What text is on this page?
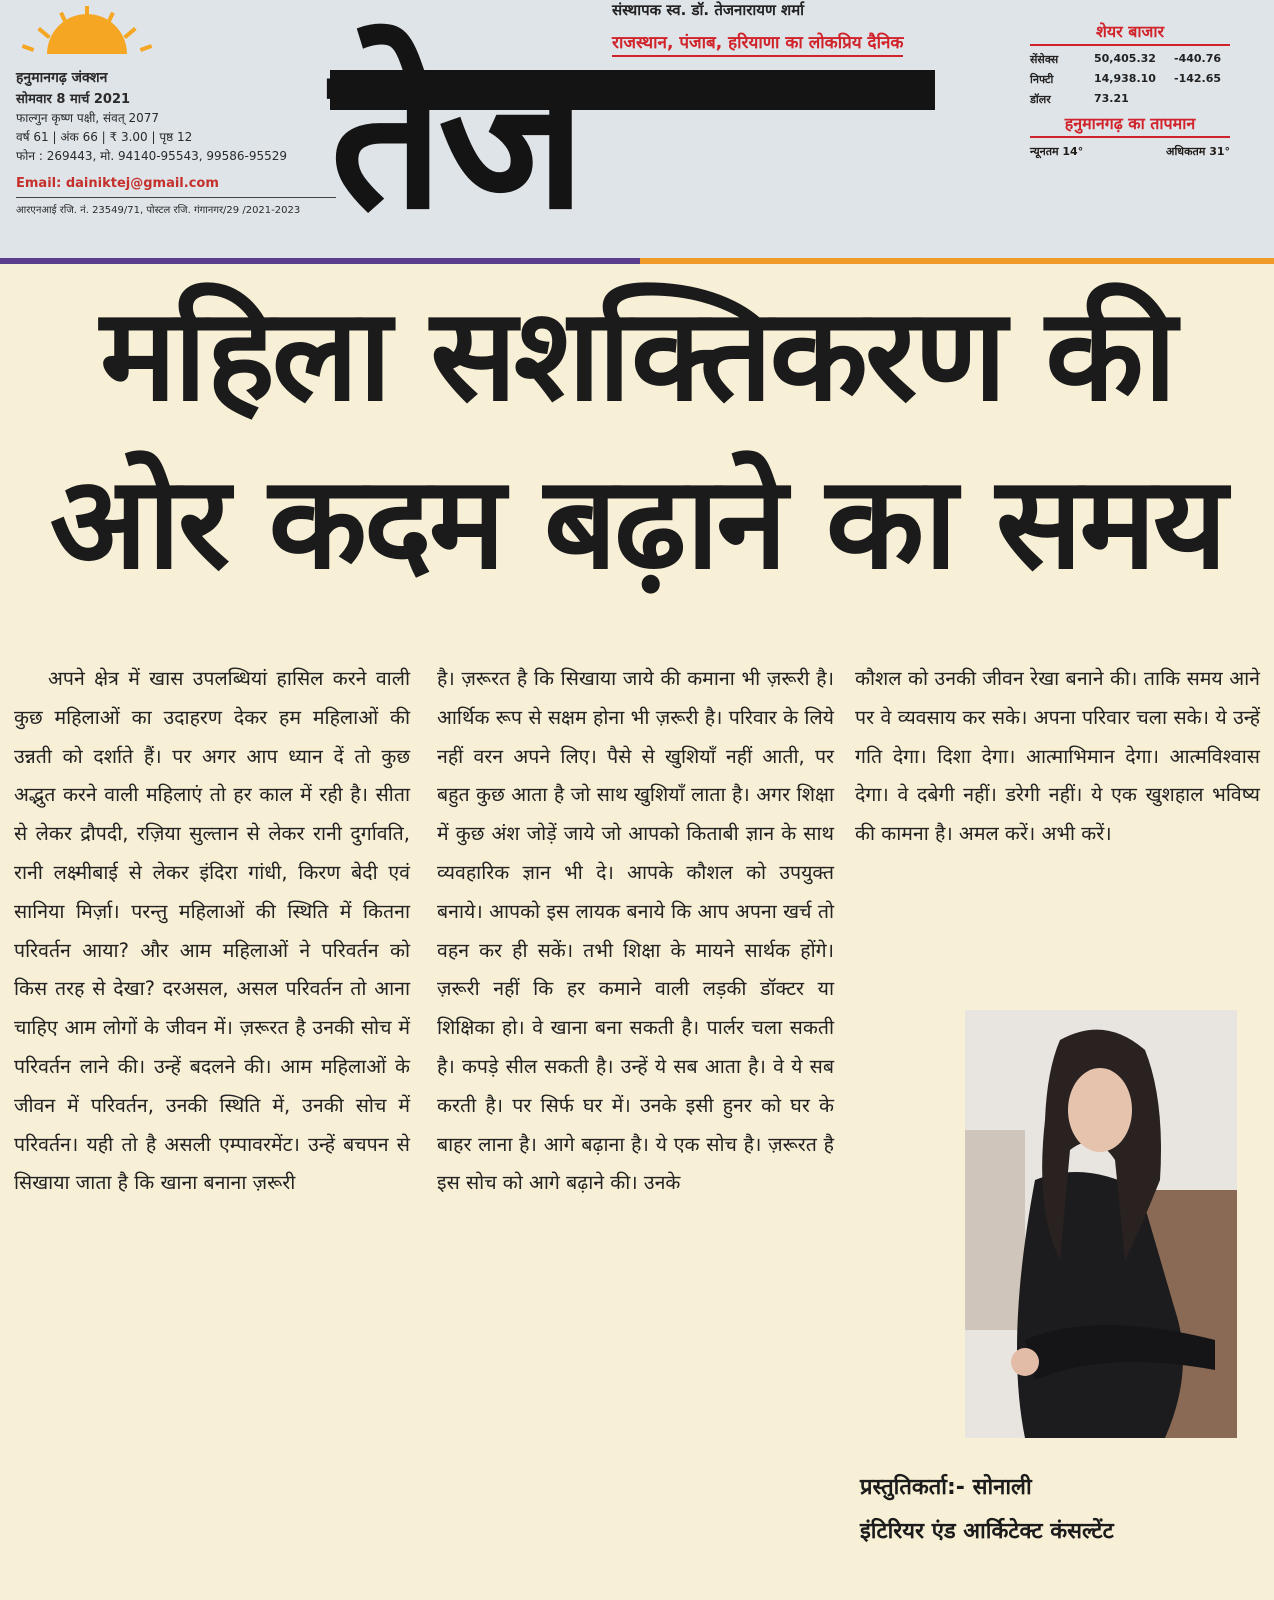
हनुमानगढ़ जंक्शन
सोमवार 8 मार्च 2021
फाल्गुन कृष्ण पक्षी, संवत् 2077
वर्ष 61 | अंक 66 | ₹ 3.00 | पृष्ठ 12
फोन : 269443, मो. 94140-95543, 99586-95529
Email: dainiktej@gmail.com
आरएनआई रजि. नं. 23549/71, पोस्टल रजि. गंगानगर/29 /2021-2023
संस्थापक स्व. डॉ. तेजनारायण शर्मा
राजस्थान, पंजाब, हरियाणा का लोकप्रिय दैनिक
तेज	शेयर बाजार
सेंसेक्स	50,405.32	-440.76
निफ्टी	14,938.10	-142.65
डॉलर	73.21
हनुमानगढ़ का तापमान
न्यूनतम 14°	अधिकतम 31°
महिला सशक्तिकरण की
ओर कदम बढ़ाने का समय
अपने क्षेत्र में खास उपलब्धियां हासिल करने वाली कुछ महिलाओं का उदाहरण देकर हम महिलाओं की उन्नती को दर्शाते हैं। पर अगर आप ध्यान दें तो कुछ अद्भुत करने वाली महिलाएं तो हर काल में रही है। सीता से लेकर द्रौपदी, रज़िया सुल्तान से लेकर रानी दुर्गावति, रानी लक्ष्मीबाई से लेकर इंदिरा गांधी, किरण बेदी एवं सानिया मिर्ज़ा। परन्तु महिलाओं की स्थिति में कितना परिवर्तन आया? और आम महिलाओं ने परिवर्तन को किस तरह से देखा? दरअसल, असल परिवर्तन तो आना चाहिए आम लोगों के जीवन में। ज़रूरत है उनकी सोच में परिवर्तन लाने की। उन्हें बदलने की। आम महिलाओं के जीवन में परिवर्तन, उनकी स्थिति में, उनकी सोच में परिवर्तन। यही तो है असली एम्पावरमेंट। उन्हें बचपन से सिखाया जाता है कि खाना बनाना ज़रूरी
है। ज़रूरत है कि सिखाया जाये की कमाना भी ज़रूरी है। आर्थिक रूप से सक्षम होना भी ज़रूरी है। परिवार के लिये नहीं वरन अपने लिए। पैसे से खुशियाँ नहीं आती, पर बहुत कुछ आता है जो साथ खुशियाँ लाता है। अगर शिक्षा में कुछ अंश जोड़ें जाये जो आपको किताबी ज्ञान के साथ व्यवहारिक ज्ञान भी दे। आपके कौशल को उपयुक्त बनाये। आपको इस लायक बनाये कि आप अपना खर्च तो वहन कर ही सकें। तभी शिक्षा के मायने सार्थक होंगे। ज़रूरी नहीं कि हर कमाने वाली लड़की डॉक्टर या शिक्षिका हो। वे खाना बना सकती है। पार्लर चला सकती है। कपड़े सील सकती है। उन्हें ये सब आता है। वे ये सब करती है। पर सिर्फ घर में। उनके इसी हुनर को घर के बाहर लाना है। आगे बढ़ाना है। ये एक सोच है। ज़रूरत है इस सोच को आगे बढ़ाने की। उनके
कौशल को उनकी जीवन रेखा बनाने की। ताकि समय आने पर वे व्यवसाय कर सके। अपना परिवार चला सके। ये उन्हें गति देगा। दिशा देगा। आत्माभिमान देगा। आत्मविश्वास देगा। वे दबेगी नहीं। डरेगी नहीं। ये एक खुशहाल भविष्य की कामना है। अमल करें। अभी करें।
प्रस्तुतिकर्ता:- सोनाली
इंटिरियर एंड आर्किटेक्ट कंसल्टेंट
